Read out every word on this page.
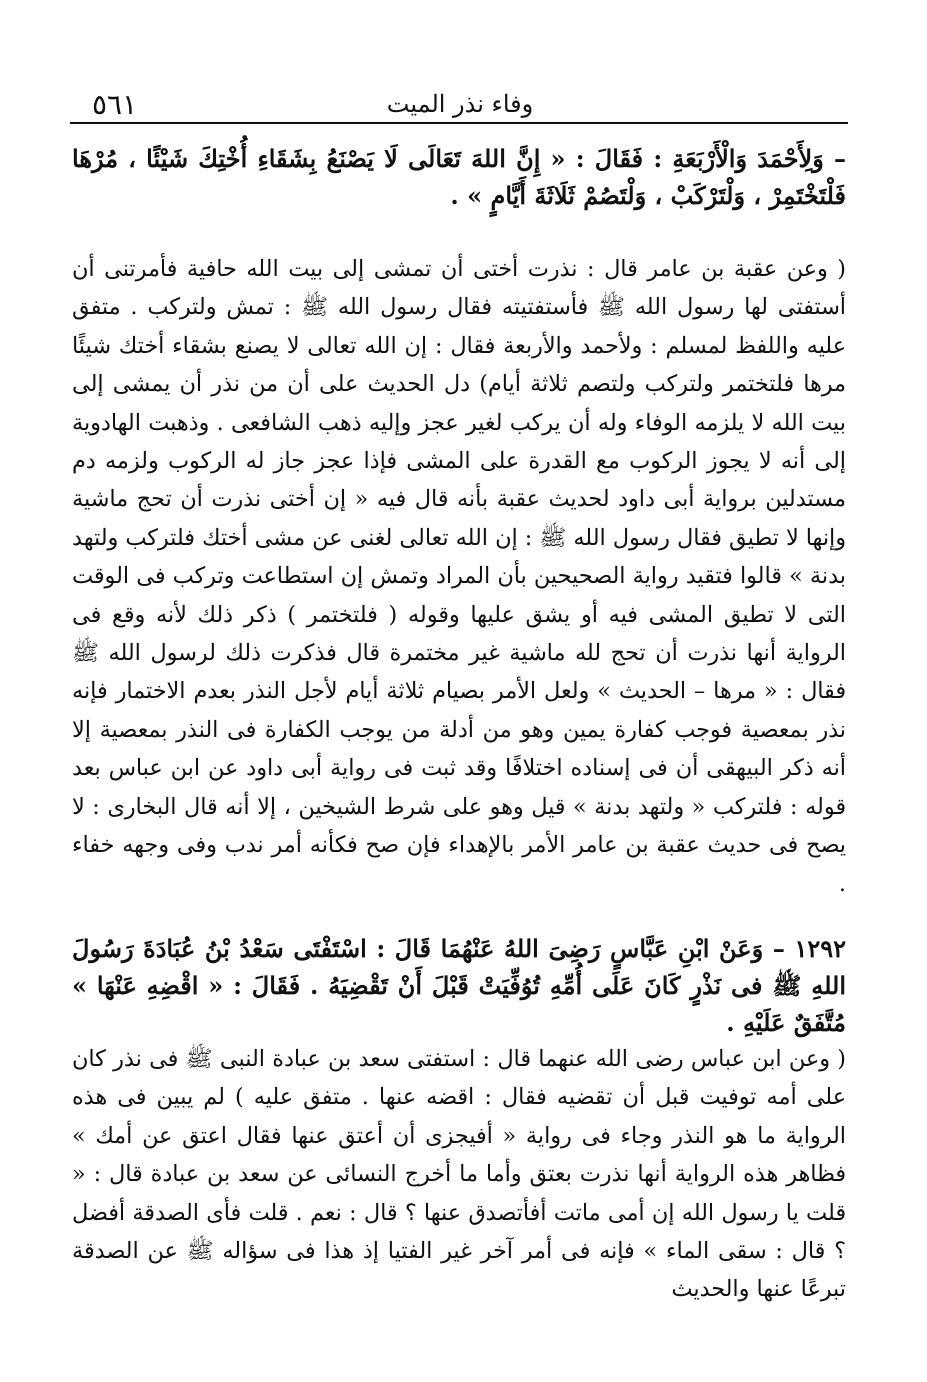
٥٦١	وفاء نذر الميت

– وَلِأَحْمَدَ وَالْأَرْبَعَةِ : فَقَالَ : « إِنَّ اللهَ تَعَالَى لَا يَصْنَعُ بِشَقَاءِ أُخْتِكَ شَيْئًا ، مُرْهَا فَلْتَخْتَمِرْ ، وَلْتَرْكَبْ ، وَلْتَصُمْ ثَلَاثَةَ أَيَّامٍ » .

( وعن عقبة بن عامر قال : نذرت أختى أن تمشى إلى بيت الله حافية فأمرتنى أن أستفتى لها رسول الله ﷺ فأستفتيته فقال رسول الله ﷺ : تمش ولتركب . متفق عليه واللفظ لمسلم : ولأحمد والأربعة فقال : إن الله تعالى لا يصنع بشقاء أختك شيئًا مرها فلتختمر ولتركب ولتصم ثلاثة أيام) دل الحديث على أن من نذر أن يمشى إلى بيت الله لا يلزمه الوفاء وله أن يركب لغير عجز وإليه ذهب الشافعى . وذهبت الهادوية إلى أنه لا يجوز الركوب مع القدرة على المشى فإذا عجز جاز له الركوب ولزمه دم مستدلين برواية أبى داود لحديث عقبة بأنه قال فيه « إن أختى نذرت أن تحج ماشية وإنها لا تطيق فقال رسول الله ﷺ : إن الله تعالى لغنى عن مشى أختك فلتركب ولتهد بدنة » قالوا فتقيد رواية الصحيحين بأن المراد وتمش إن استطاعت وتركب فى الوقت التى لا تطيق المشى فيه أو يشق عليها وقوله ( فلتختمر ) ذكر ذلك لأنه وقع فى الرواية أنها نذرت أن تحج لله ماشية غير مختمرة قال فذكرت ذلك لرسول الله ﷺ فقال : « مرها – الحديث » ولعل الأمر بصيام ثلاثة أيام لأجل النذر بعدم الاختمار فإنه نذر بمعصية فوجب كفارة يمين وهو من أدلة من يوجب الكفارة فى النذر بمعصية إلا أنه ذكر البيهقى أن فى إسناده اختلافًا وقد ثبت فى رواية أبى داود عن ابن عباس بعد قوله : فلتركب « ولتهد بدنة » قيل وهو على شرط الشيخين ، إلا أنه قال البخارى : لا يصح فى حديث عقبة بن عامر الأمر بالإهداء فإن صح فكأنه أمر ندب وفى وجهه خفاء .

١٢٩٢ – وَعَنْ ابْنِ عَبَّاسٍ رَضِىَ اللهُ عَنْهُمَا قَالَ : اسْتَفْتَى سَعْدُ بْنُ عُبَادَةَ رَسُولَ اللهِ ﷺ فى نَذْرٍ كَانَ عَلَى أُمِّهِ تُوُفِّيَتْ قَبْلَ أَنْ تَقْضِيَهُ . فَقَالَ : « اقْضِهِ عَنْهَا » مُتَّفَقٌ عَلَيْهِ .

( وعن ابن عباس رضى الله عنهما قال : استفتى سعد بن عبادة النبى ﷺ فى نذر كان على أمه توفيت قبل أن تقضيه فقال : اقضه عنها . متفق عليه ) لم يبين فى هذه الرواية ما هو النذر وجاء فى رواية « أفيجزى أن أعتق عنها فقال اعتق عن أمك » فظاهر هذه الرواية أنها نذرت بعتق وأما ما أخرج النسائى عن سعد بن عبادة قال : « قلت يا رسول الله إن أمى ماتت أفأتصدق عنها ؟ قال : نعم . قلت فأى الصدقة أفضل ؟ قال : سقى الماء » فإنه فى أمر آخر غير الفتيا إذ هذا فى سؤاله ﷺ عن الصدقة تبرعًا عنها والحديث
